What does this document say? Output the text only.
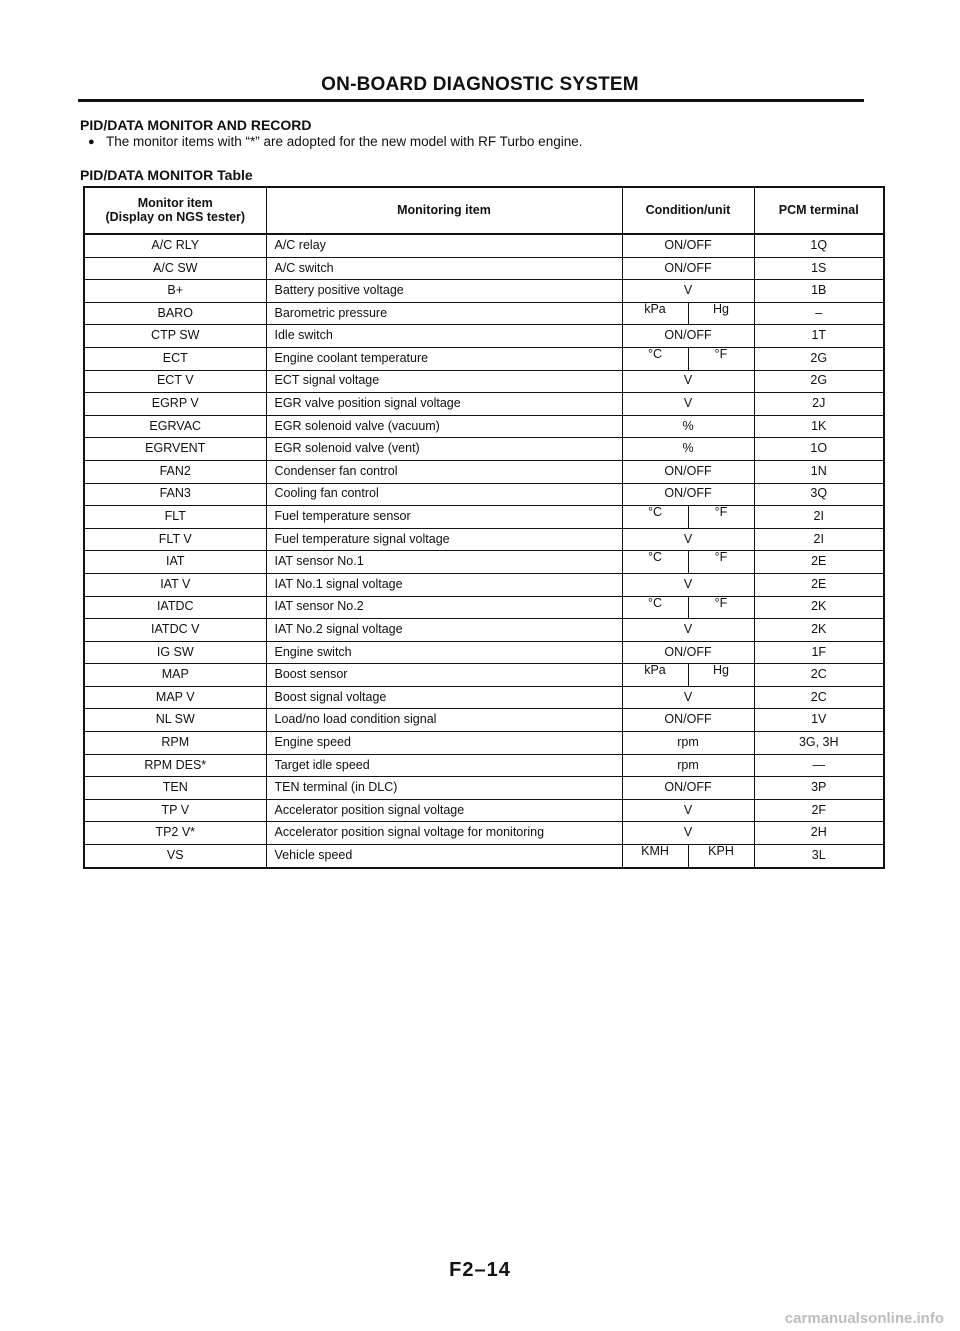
ON-BOARD DIAGNOSTIC SYSTEM
PID/DATA MONITOR AND RECORD
● The monitor items with “*” are adopted for the new model with RF Turbo engine.
PID/DATA MONITOR Table
Monitor item
(Display on NGS tester)	Monitoring item	Condition/unit	PCM terminal
A/C RLY	A/C relay	ON/OFF	1Q
A/C SW	A/C switch	ON/OFF	1S
B+	Battery positive voltage	V	1B
BARO	Barometric pressure	kPa Hg	–
CTP SW	Idle switch	ON/OFF	1T
ECT	Engine coolant temperature	°C °F	2G
ECT V	ECT signal voltage	V	2G
EGRP V	EGR valve position signal voltage	V	2J
EGRVAC	EGR solenoid valve (vacuum)	%	1K
EGRVENT	EGR solenoid valve (vent)	%	1O
FAN2	Condenser fan control	ON/OFF	1N
FAN3	Cooling fan control	ON/OFF	3Q
FLT	Fuel temperature sensor	°C °F	2I
FLT V	Fuel temperature signal voltage	V	2I
IAT	IAT sensor No.1	°C °F	2E
IAT V	IAT No.1 signal voltage	V	2E
IATDC	IAT sensor No.2	°C °F	2K
IATDC V	IAT No.2 signal voltage	V	2K
IG SW	Engine switch	ON/OFF	1F
MAP	Boost sensor	kPa Hg	2C
MAP V	Boost signal voltage	V	2C
NL SW	Load/no load condition signal	ON/OFF	1V
RPM	Engine speed	rpm	3G, 3H
RPM DES*	Target idle speed	rpm	—
TEN	TEN terminal (in DLC)	ON/OFF	3P
TP V	Accelerator position signal voltage	V	2F
TP2 V*	Accelerator position signal voltage for monitoring	V	2H
VS	Vehicle speed	KMH KPH	3L
F2–14
carmanualsonline.info
